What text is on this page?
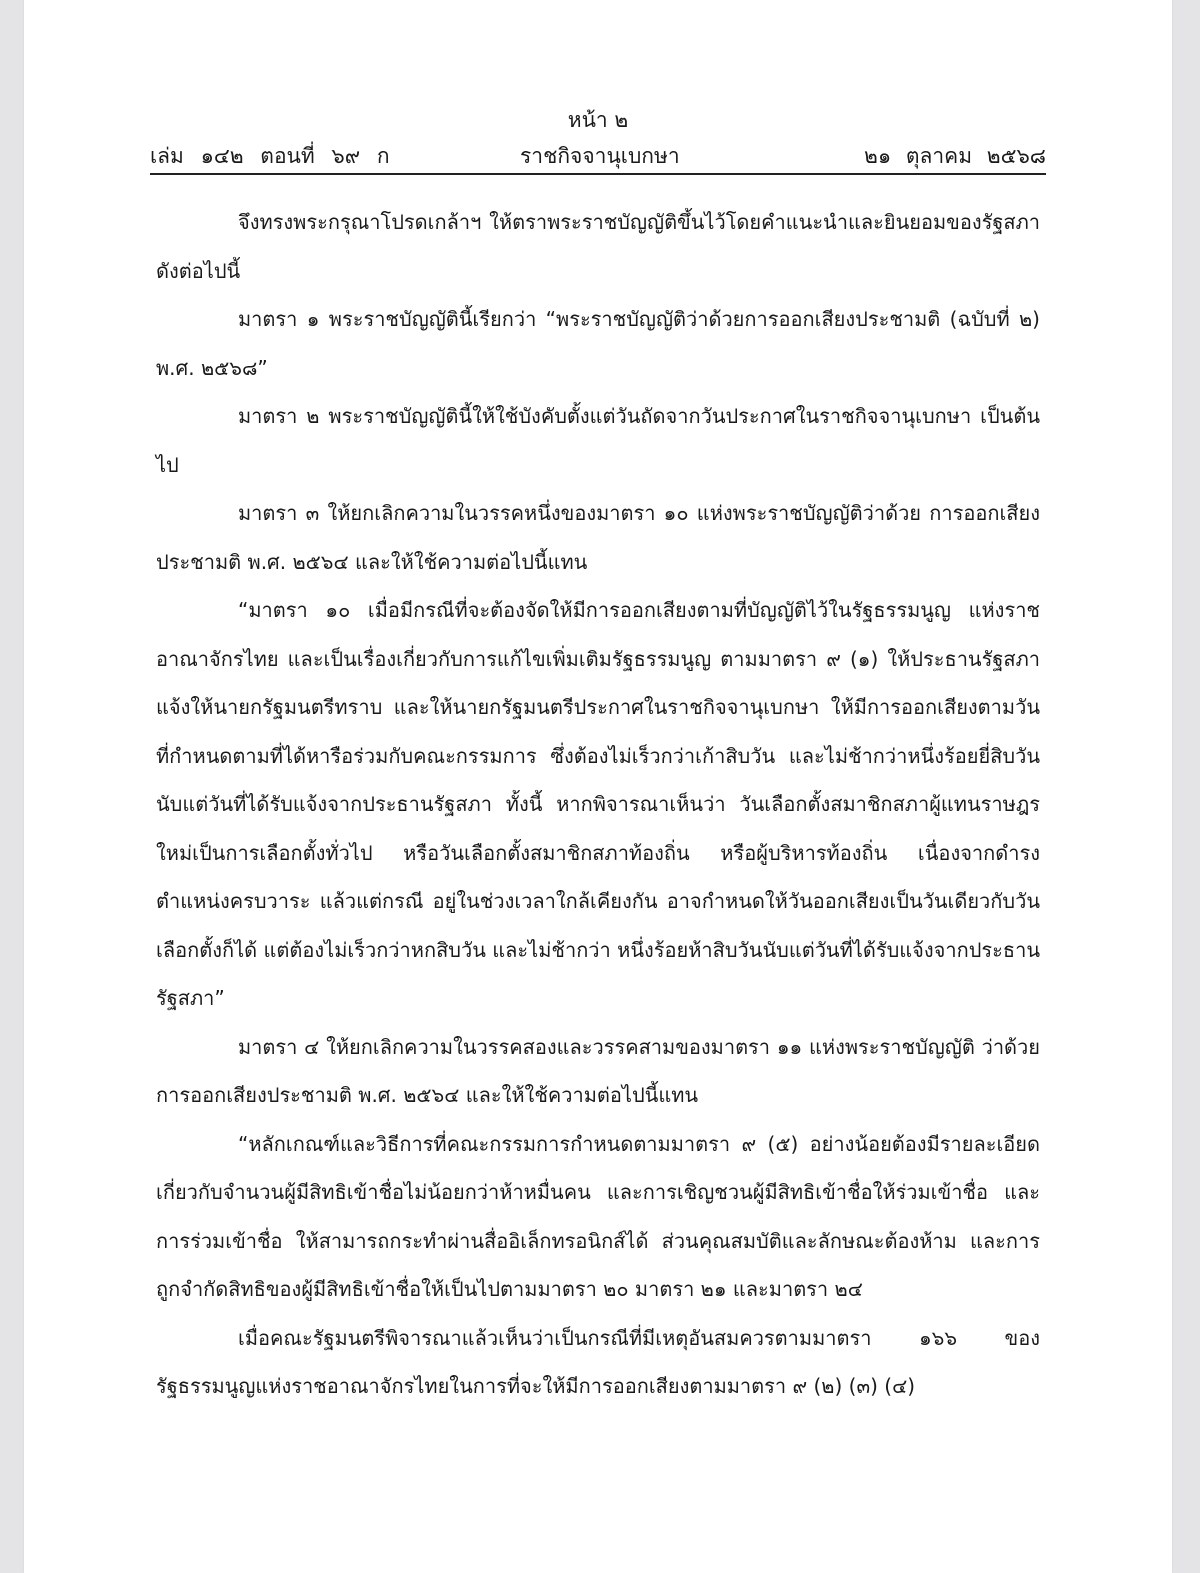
หน้า ๒
เล่ม ๑๔๒ ตอนที่ ๖๙ ก	ราชกิจจานุเบกษา	๒๑ ตุลาคม ๒๕๖๘

จึงทรงพระกรุณาโปรดเกล้าฯ ให้ตราพระราชบัญญัติขึ้นไว้โดยคำแนะนำและยินยอมของรัฐสภา ดังต่อไปนี้

มาตรา ๑ พระราชบัญญัตินี้เรียกว่า “พระราชบัญญัติว่าด้วยการออกเสียงประชามติ (ฉบับที่ ๒) พ.ศ. ๒๕๖๘”

มาตรา ๒ พระราชบัญญัตินี้ให้ใช้บังคับตั้งแต่วันถัดจากวันประกาศในราชกิจจานุเบกษา เป็นต้นไป

มาตรา ๓ ให้ยกเลิกความในวรรคหนึ่งของมาตรา ๑๐ แห่งพระราชบัญญัติว่าด้วย การออกเสียงประชามติ พ.ศ. ๒๕๖๔ และให้ใช้ความต่อไปนี้แทน

“มาตรา ๑๐ เมื่อมีกรณีที่จะต้องจัดให้มีการออกเสียงตามที่บัญญัติไว้ในรัฐธรรมนูญ แห่งราชอาณาจักรไทย และเป็นเรื่องเกี่ยวกับการแก้ไขเพิ่มเติมรัฐธรรมนูญ ตามมาตรา ๙ (๑) ให้ประธานรัฐสภาแจ้งให้นายกรัฐมนตรีทราบ และให้นายกรัฐมนตรีประกาศในราชกิจจานุเบกษา ให้มีการออกเสียงตามวันที่กำหนดตามที่ได้หารือร่วมกับคณะกรรมการ ซึ่งต้องไม่เร็วกว่าเก้าสิบวัน และไม่ช้ากว่าหนึ่งร้อยยี่สิบวันนับแต่วันที่ได้รับแจ้งจากประธานรัฐสภา ทั้งนี้ หากพิจารณาเห็นว่า วันเลือกตั้งสมาชิกสภาผู้แทนราษฎรใหม่เป็นการเลือกตั้งทั่วไป หรือวันเลือกตั้งสมาชิกสภาท้องถิ่น หรือผู้บริหารท้องถิ่น เนื่องจากดำรงตำแหน่งครบวาระ แล้วแต่กรณี อยู่ในช่วงเวลาใกล้เคียงกัน อาจกำหนดให้วันออกเสียงเป็นวันเดียวกับวันเลือกตั้งก็ได้ แต่ต้องไม่เร็วกว่าหกสิบวัน และไม่ช้ากว่า หนึ่งร้อยห้าสิบวันนับแต่วันที่ได้รับแจ้งจากประธานรัฐสภา”

มาตรา ๔ ให้ยกเลิกความในวรรคสองและวรรคสามของมาตรา ๑๑ แห่งพระราชบัญญัติ ว่าด้วยการออกเสียงประชามติ พ.ศ. ๒๕๖๔ และให้ใช้ความต่อไปนี้แทน

“หลักเกณฑ์และวิธีการที่คณะกรรมการกำหนดตามมาตรา ๙ (๕) อย่างน้อยต้องมีรายละเอียด เกี่ยวกับจำนวนผู้มีสิทธิเข้าชื่อไม่น้อยกว่าห้าหมื่นคน และการเชิญชวนผู้มีสิทธิเข้าชื่อให้ร่วมเข้าชื่อ และการร่วมเข้าชื่อ ให้สามารถกระทำผ่านสื่ออิเล็กทรอนิกส์ได้ ส่วนคุณสมบัติและลักษณะต้องห้าม และการถูกจำกัดสิทธิของผู้มีสิทธิเข้าชื่อให้เป็นไปตามมาตรา ๒๐ มาตรา ๒๑ และมาตรา ๒๔

เมื่อคณะรัฐมนตรีพิจารณาแล้วเห็นว่าเป็นกรณีที่มีเหตุอันสมควรตามมาตรา ๑๖๖ ของรัฐธรรมนูญแห่งราชอาณาจักรไทยในการที่จะให้มีการออกเสียงตามมาตรา ๙ (๒) (๓) (๔)
